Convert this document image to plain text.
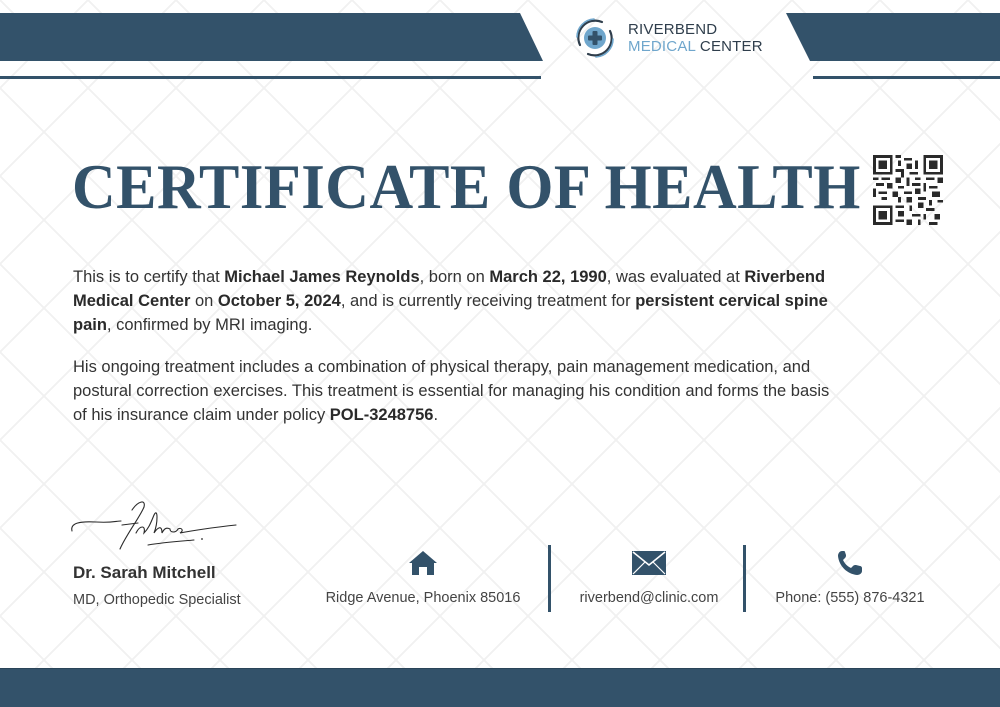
RIVERBEND
MEDICAL CENTER
CERTIFICATE OF HEALTH

This is to certify that Michael James Reynolds, born on March 22, 1990, was evaluated at Riverbend Medical Center on October 5, 2024, and is currently receiving treatment for persistent cervical spine pain, confirmed by MRI imaging.

His ongoing treatment includes a combination of physical therapy, pain management medication, and postural correction exercises. This treatment is essential for managing his condition and forms the basis of his insurance claim under policy POL-3248756.

Dr. Sarah Mitchell
MD, Orthopedic Specialist	Ridge Avenue, Phoenix 85016	riverbend@clinic.com	Phone: (555) 876-4321
